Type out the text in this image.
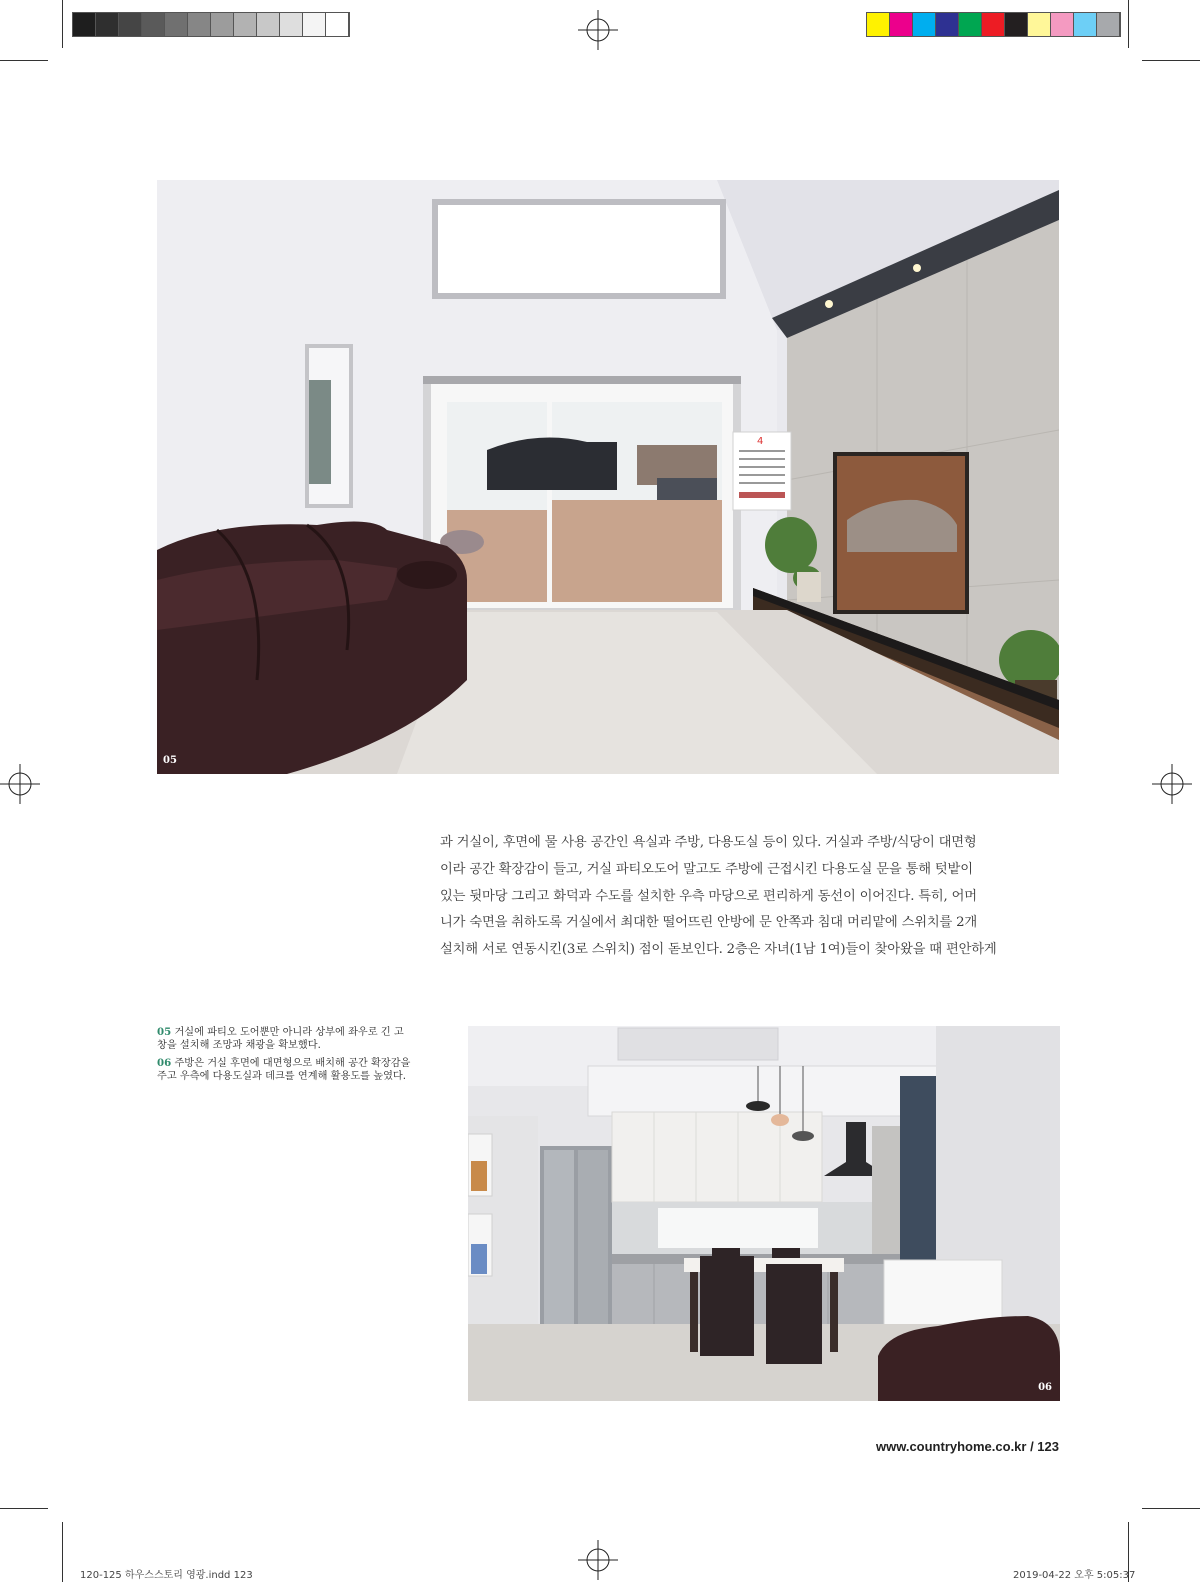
4
05

과 거실이, 후면에 물 사용 공간인 욕실과 주방, 다용도실 등이 있다. 거실과 주방/식당이 대면형

이라 공간 확장감이 들고, 거실 파티오도어 말고도 주방에 근접시킨 다용도실 문을 통해 텃밭이

있는 뒷마당 그리고 화덕과 수도를 설치한 우측 마당으로 편리하게 동선이 이어진다. 특히, 어머

니가 숙면을 취하도록 거실에서 최대한 떨어뜨린 안방에 문 안쪽과 침대 머리맡에 스위치를 2개

설치해 서로 연동시킨(3로 스위치) 점이 돋보인다. 2층은 자녀(1남 1여)들이 찾아왔을 때 편안하게

05 거실에 파티오 도어뿐만 아니라 상부에 좌우로 긴 고창을 설치해 조망과 채광을 확보했다.

06 주방은 거실 후면에 대면형으로 배치해 공간 확장감을 주고 우측에 다용도실과 데크를 연계해 활용도를 높였다.

06
www.countryhome.co.kr / 123
120-125 하우스스토리 영광.indd 123	2019-04-22 오후 5:05:37
